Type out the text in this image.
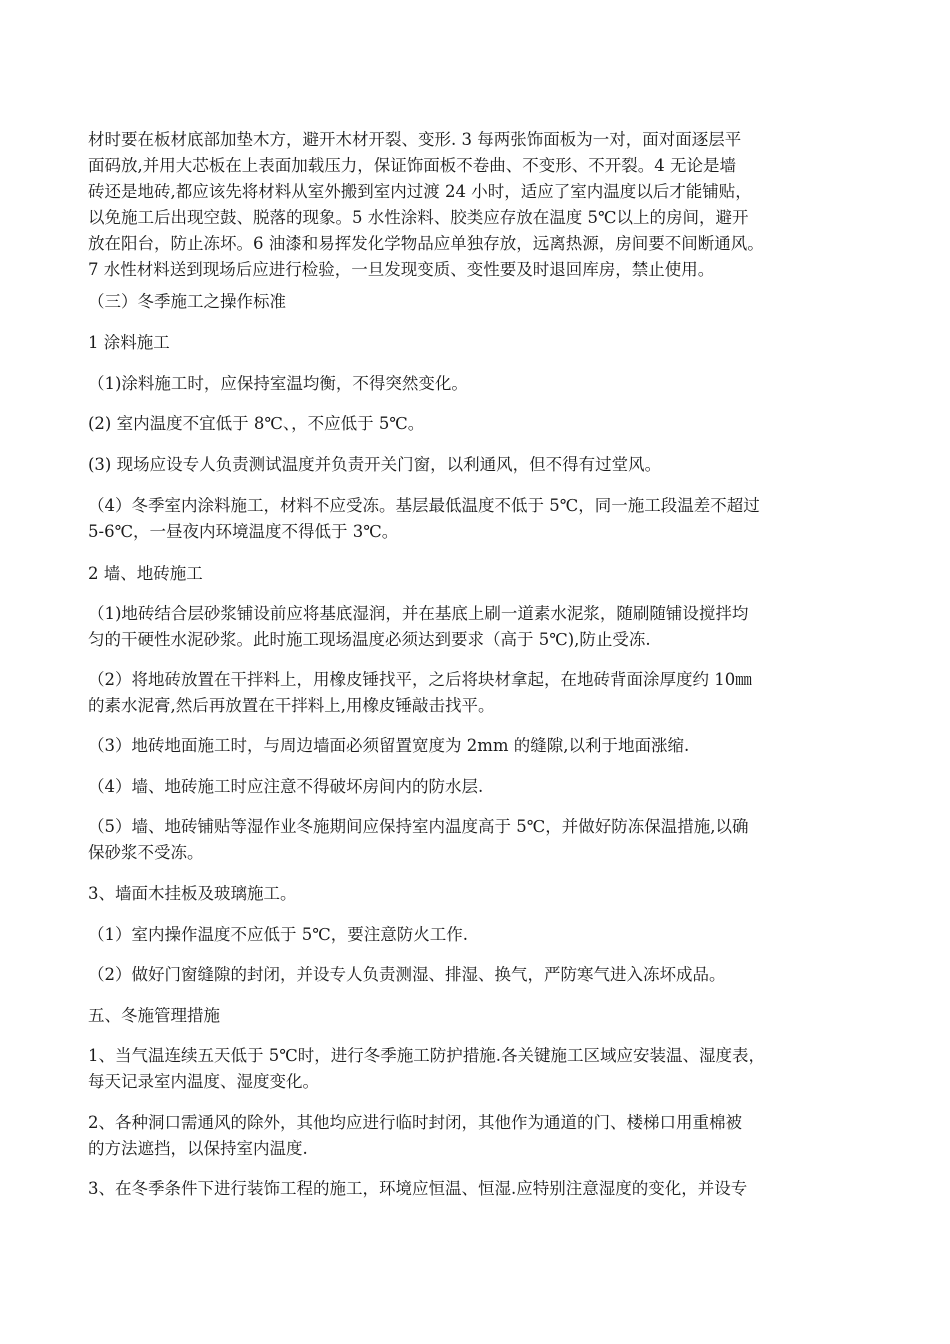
材时要在板材底部加垫木方，避开木材开裂、变形. 3 每两张饰面板为一对，面对面逐层平
面码放,并用大芯板在上表面加载压力，保证饰面板不卷曲、不变形、不开裂。4 无论是墙
砖还是地砖,都应该先将材料从室外搬到室内过渡 24 小时，适应了室内温度以后才能铺贴，
以免施工后出现空鼓、脱落的现象。5 水性涂料、胶类应存放在温度 5℃以上的房间，避开
放在阳台，防止冻坏。6 油漆和易挥发化学物品应单独存放，远离热源，房间要不间断通风。
7 水性材料送到现场后应进行检验，一旦发现变质、变性要及时退回库房，禁止使用。
（三）冬季施工之操作标准
1 涂料施工
（1)涂料施工时，应保持室温均衡，不得突然变化。
(2) 室内温度不宜低于 8℃、，不应低于 5℃。
(3) 现场应设专人负责测试温度并负责开关门窗，以利通风，但不得有过堂风。
（4）冬季室内涂料施工，材料不应受冻。基层最低温度不低于 5℃，同一施工段温差不超过
5-6℃，一昼夜内环境温度不得低于 3℃。
2 墙、地砖施工
（1)地砖结合层砂浆铺设前应将基底湿润，并在基底上刷一道素水泥浆，随刷随铺设搅拌均
匀的干硬性水泥砂浆。此时施工现场温度必须达到要求（高于 5℃),防止受冻.
（2）将地砖放置在干拌料上，用橡皮锤找平，之后将块材拿起，在地砖背面涂厚度约 10㎜
的素水泥膏,然后再放置在干拌料上,用橡皮锤敲击找平。
（3）地砖地面施工时，与周边墙面必须留置宽度为 2mm 的缝隙,以利于地面涨缩.
（4）墙、地砖施工时应注意不得破坏房间内的防水层.
（5）墙、地砖铺贴等湿作业冬施期间应保持室内温度高于 5℃，并做好防冻保温措施,以确
保砂浆不受冻。
3、墙面木挂板及玻璃施工。
（1）室内操作温度不应低于 5℃，要注意防火工作.
（2）做好门窗缝隙的封闭，并设专人负责测湿、排湿、换气，严防寒气进入冻坏成品。
五、冬施管理措施
1、当气温连续五天低于 5℃时，进行冬季施工防护措施.各关键施工区域应安装温、湿度表，
每天记录室内温度、湿度变化。
2、各种洞口需通风的除外，其他均应进行临时封闭，其他作为通道的门、楼梯口用重棉被
的方法遮挡，以保持室内温度.
3、在冬季条件下进行装饰工程的施工，环境应恒温、恒湿.应特别注意湿度的变化，并设专
